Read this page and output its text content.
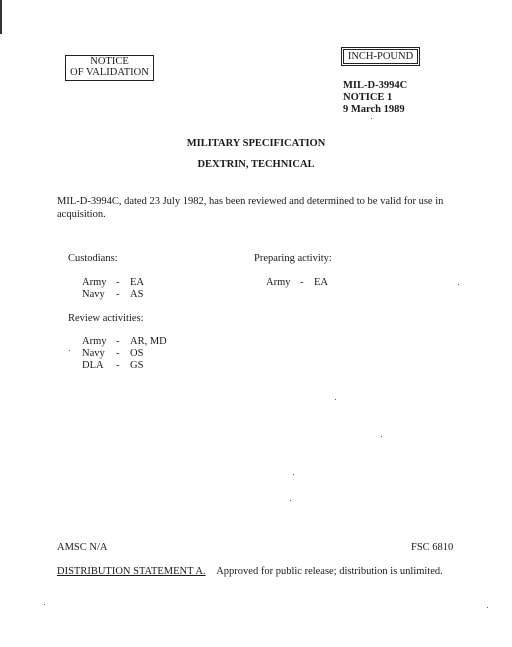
NOTICE
OF VALIDATION
INCH-POUND
MIL-D-3994C
NOTICE 1
9 March 1989
MILITARY SPECIFICATION
DEXTRIN, TECHNICAL
MIL-D-3994C, dated 23 July 1982, has been reviewed and determined to be valid for use in acquisition.
Custodians:
Army - EA
Navy - AS
Preparing activity:
Army - EA
Review activities:
Army - AR, MD
Navy - OS
DLA - GS
AMSC N/A	FSC 6810
DISTRIBUTION STATEMENT A. Approved for public release; distribution is unlimited.
